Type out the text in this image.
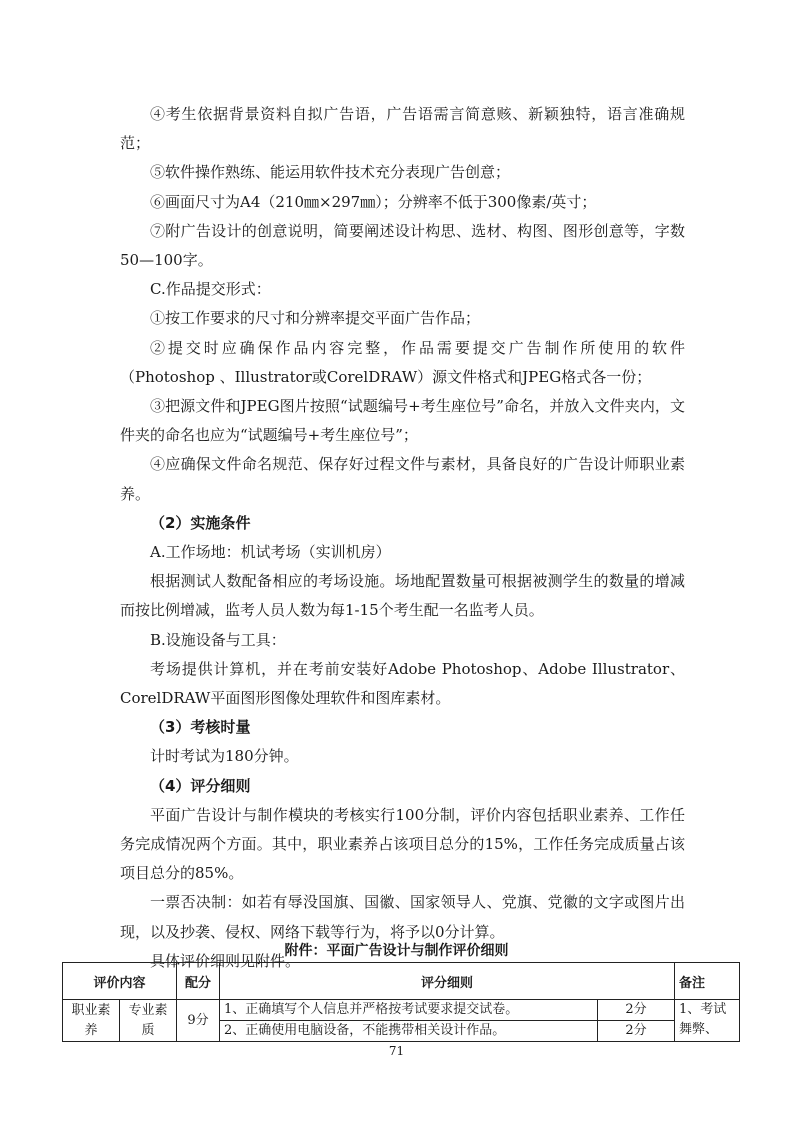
④考生依据背景资料自拟广告语，广告语需言简意赅、新颖独特，语言准确规范；

⑤软件操作熟练、能运用软件技术充分表现广告创意；

⑥画面尺寸为A4（210㎜×297㎜）；分辨率不低于300像素/英寸；

⑦附广告设计的创意说明，简要阐述设计构思、选材、构图、图形创意等，字数50—100字。

C.作品提交形式：

①按工作要求的尺寸和分辨率提交平面广告作品；

②提交时应确保作品内容完整，作品需要提交广告制作所使用的软件（Photoshop 、Illustrator或CorelDRAW）源文件格式和JPEG格式各一份；

③把源文件和JPEG图片按照“试题编号+考生座位号”命名，并放入文件夹内，文件夹的命名也应为“试题编号+考生座位号”；

④应确保文件命名规范、保存好过程文件与素材，具备良好的广告设计师职业素养。

（2）实施条件

A.工作场地：机试考场（实训机房）

根据测试人数配备相应的考场设施。场地配置数量可根据被测学生的数量的增减而按比例增减，监考人员人数为每1-15个考生配一名监考人员。

B.设施设备与工具：

考场提供计算机，并在考前安装好Adobe Photoshop、Adobe Illustrator、CorelDRAW平面图形图像处理软件和图库素材。

（3）考核时量

计时考试为180分钟。

（4）评分细则

平面广告设计与制作模块的考核实行100分制，评价内容包括职业素养、工作任务完成情况两个方面。其中，职业素养占该项目总分的15%，工作任务完成质量占该项目总分的85%。

一票否决制：如若有辱没国旗、国徽、国家领导人、党旗、党徽的文字或图片出现，以及抄袭、侵权、网络下载等行为，将予以0分计算。

具体评价细则见附件。

附件：平面广告设计与制作评价细则
评价内容		配分	评分细则		备注
职业素养	专业素质	9分	1、正确填写个人信息并严格按考试要求提交试卷。	2分	1、考试舞弊、
			2、正确使用电脑设备，不能携带相关设计作品。	2分	
71
